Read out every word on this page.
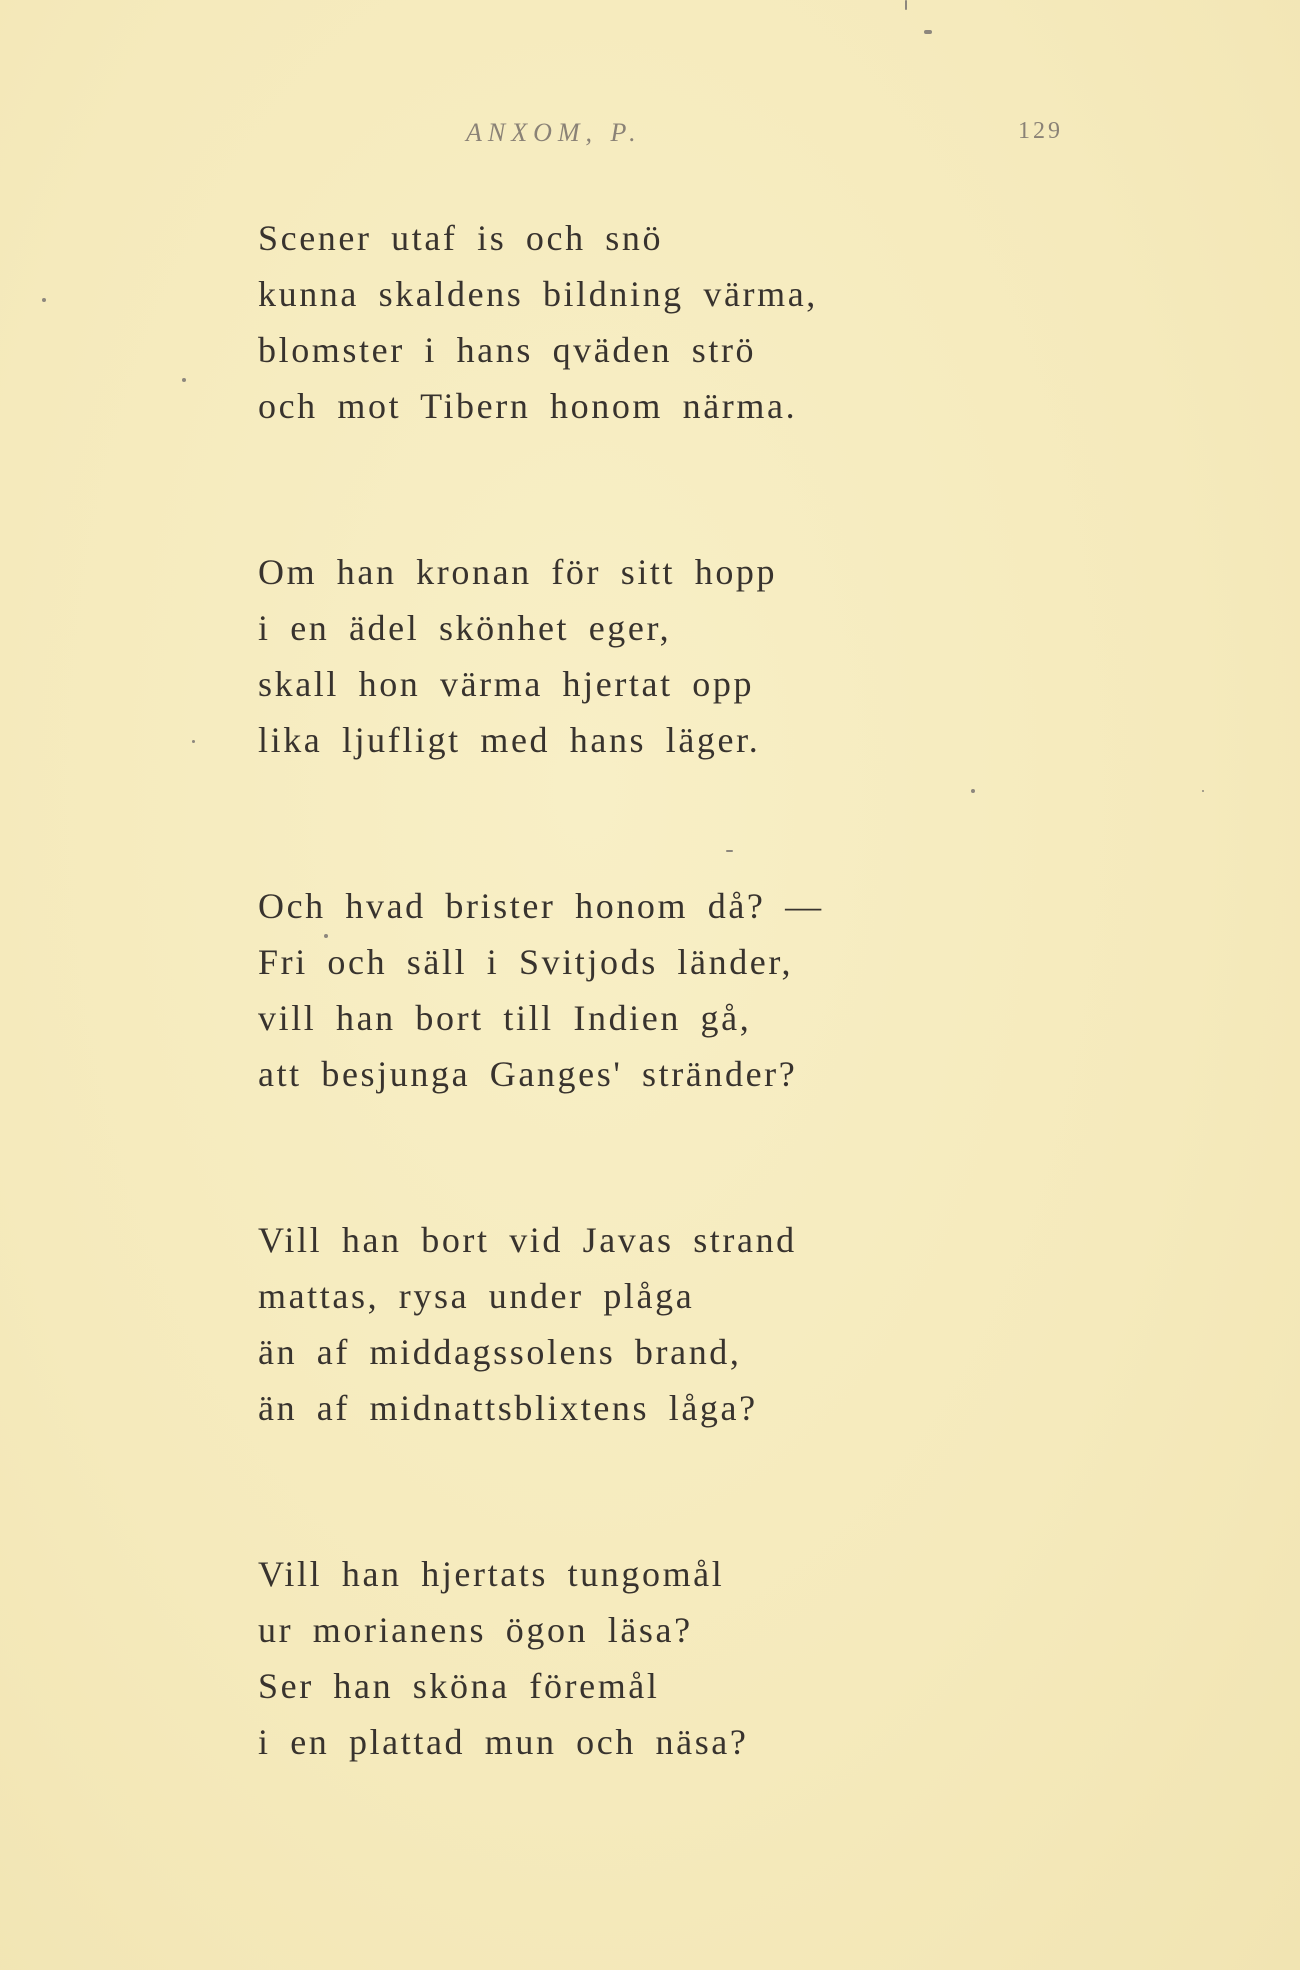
ANXOM, P.	129
Scener utaf is och snö
kunna skaldens bildning värma,
blomster i hans qväden strö
och mot Tibern honom närma.
Om han kronan för sitt hopp
i en ädel skönhet eger,
skall hon värma hjertat opp
lika ljufligt med hans läger.
Och hvad brister honom då? —
Fri och säll i Svitjods länder,
vill han bort till Indien gå,
att besjunga Ganges' stränder?
Vill han bort vid Javas strand
mattas, rysa under plåga
än af middagssolens brand,
än af midnattsblixtens låga?
Vill han hjertats tungomål
ur morianens ögon läsa?
Ser han sköna föremål
i en plattad mun och näsa?
